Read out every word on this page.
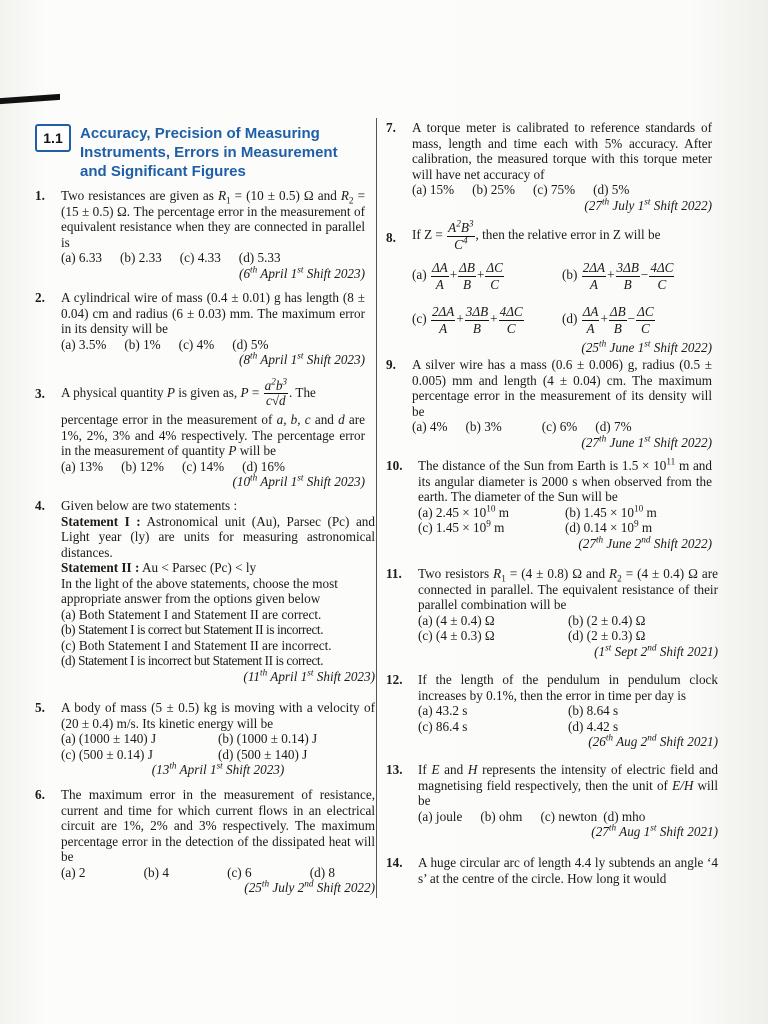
1.1	Accuracy, Precision of Measuring Instruments, Errors in Measurement and Significant Figures
1. Two resistances are given as $R_1 = (10 \pm 0.5)$ Ω and $R_2 = (15 \pm 0.5)$ Ω. The percentage error in the measurement of equivalent resistance when they are connected in parallel is
(a) 6.33 (b) 2.33 (c) 4.33 (d) 5.33
(6th April 1st Shift 2023)
2. A cylindrical wire of mass (0.4 ± 0.01) g has length (8 ± 0.04) cm and radius (6 ± 0.03) mm. The maximum error in its density will be
(a) 3.5% (b) 1% (c) 4% (d) 5%
(8th April 1st Shift 2023)
3. A physical quantity P is given as, $P = \frac{a^2b^3}{c√d}$ . The
percentage error in the measurement of a, b, c and d are 1%, 2%, 3% and 4% respectively. The percentage error in the measurement of quantity P will be
(a) 13% (b) 12% (c) 14% (d) 16%
(10th April 1st Shift 2023)
4. Given below are two statements :
Statement I : Astronomical unit (Au), Parsec (Pc) and Light year (ly) are units for measuring astronomical distances.
Statement II : Au < Parsec (Pc) < ly
In the light of the above statements, choose the most appropriate answer from the options given below
(a) Both Statement I and Statement II are correct.
(b) Statement I is correct but Statement II is incorrect.
(c) Both Statement I and Statement II are incorrect.
(d) Statement I is incorrect but Statement II is correct.
(11th April 1st Shift 2023)
5. A body of mass (5 ± 0.5) kg is moving with a velocity of (20 ± 0.4) m/s. Its kinetic energy will be
(a) (1000 ± 140) J	(b) (1000 ± 0.14) J
(c) (500 ± 0.14) J	(d) (500 ± 140) J
(13th April 1st Shift 2023)
6. The maximum error in the measurement of resistance, current and time for which current flows in an electrical circuit are 1%, 2% and 3% respectively. The maximum percentage error in the detection of the dissipated heat will be
(a) 2	(b) 4	(c) 6	(d) 8
(25th July 2nd Shift 2022)
7. A torque meter is calibrated to reference standards of mass, length and time each with 5% accuracy. After calibration, the measured torque with this torque meter will have net accuracy of
(a) 15% (b) 25% (c) 75% (d) 5%
(27th July 1st Shift 2022)
8. If $Z = \frac{A^2B^3}{C^4}$ , then the relative error in Z will be
$(a) \frac{\Delta A}{A} + \frac{\Delta B}{B} + \frac{\Delta C}{C}$	$(b) \frac{2\Delta A}{A} + \frac{3\Delta B}{B} - \frac{4\Delta C}{C}$
$(c) \frac{2\Delta A}{A} + \frac{3\Delta B}{B} + \frac{4\Delta C}{C}$	$(d) \frac{\Delta A}{A} + \frac{\Delta B}{B} - \frac{\Delta C}{C}$
(25th June 1st Shift 2022)
9. A silver wire has a mass (0.6 ± 0.006) g, radius (0.5 ± 0.005) mm and length (4 ± 0.04) cm. The maximum percentage error in the measurement of its density will be
(a) 4% (b) 3%	(c) 6% (d) 7%
(27th June 1st Shift 2022)
10. The distance of the Sun from Earth is $1.5 \times 10^{11}$ m and its angular diameter is 2000 s when observed from the earth. The diameter of the Sun will be
(a) $2.45 \times 10^{10}$ m	(b) $1.45 \times 10^{10}$ m
(c) $1.45 \times 10^9$ m	(d) $0.14 \times 10^9$ m
(27th June 2nd Shift 2022)
11. Two resistors $R_1 = (4 \pm 0.8)$ Ω and $R_2 = (4 \pm 0.4)$ Ω are connected in parallel. The equivalent resistance of their parallel combination will be
(a) (4 ± 0.4) Ω	(b) (2 ± 0.4) Ω
(c) (4 ± 0.3) Ω	(d) (2 ± 0.3) Ω
(1st Sept 2nd Shift 2021)
12. If the length of the pendulum in pendulum clock increases by 0.1%, then the error in time per day is
(a) 43.2 s	(b) 8.64 s
(c) 86.4 s	(d) 4.42 s
(26th Aug 2nd Shift 2021)
13. If E and H represents the intensity of electric field and magnetising field respectively, then the unit of E/H will be
(a) joule (b) ohm (c) newton (d) mho
(27th Aug 1st Shift 2021)
14. A huge circular arc of length 4.4 ly subtends an angle ‘4 s’ at the centre of the circle. How long it would
